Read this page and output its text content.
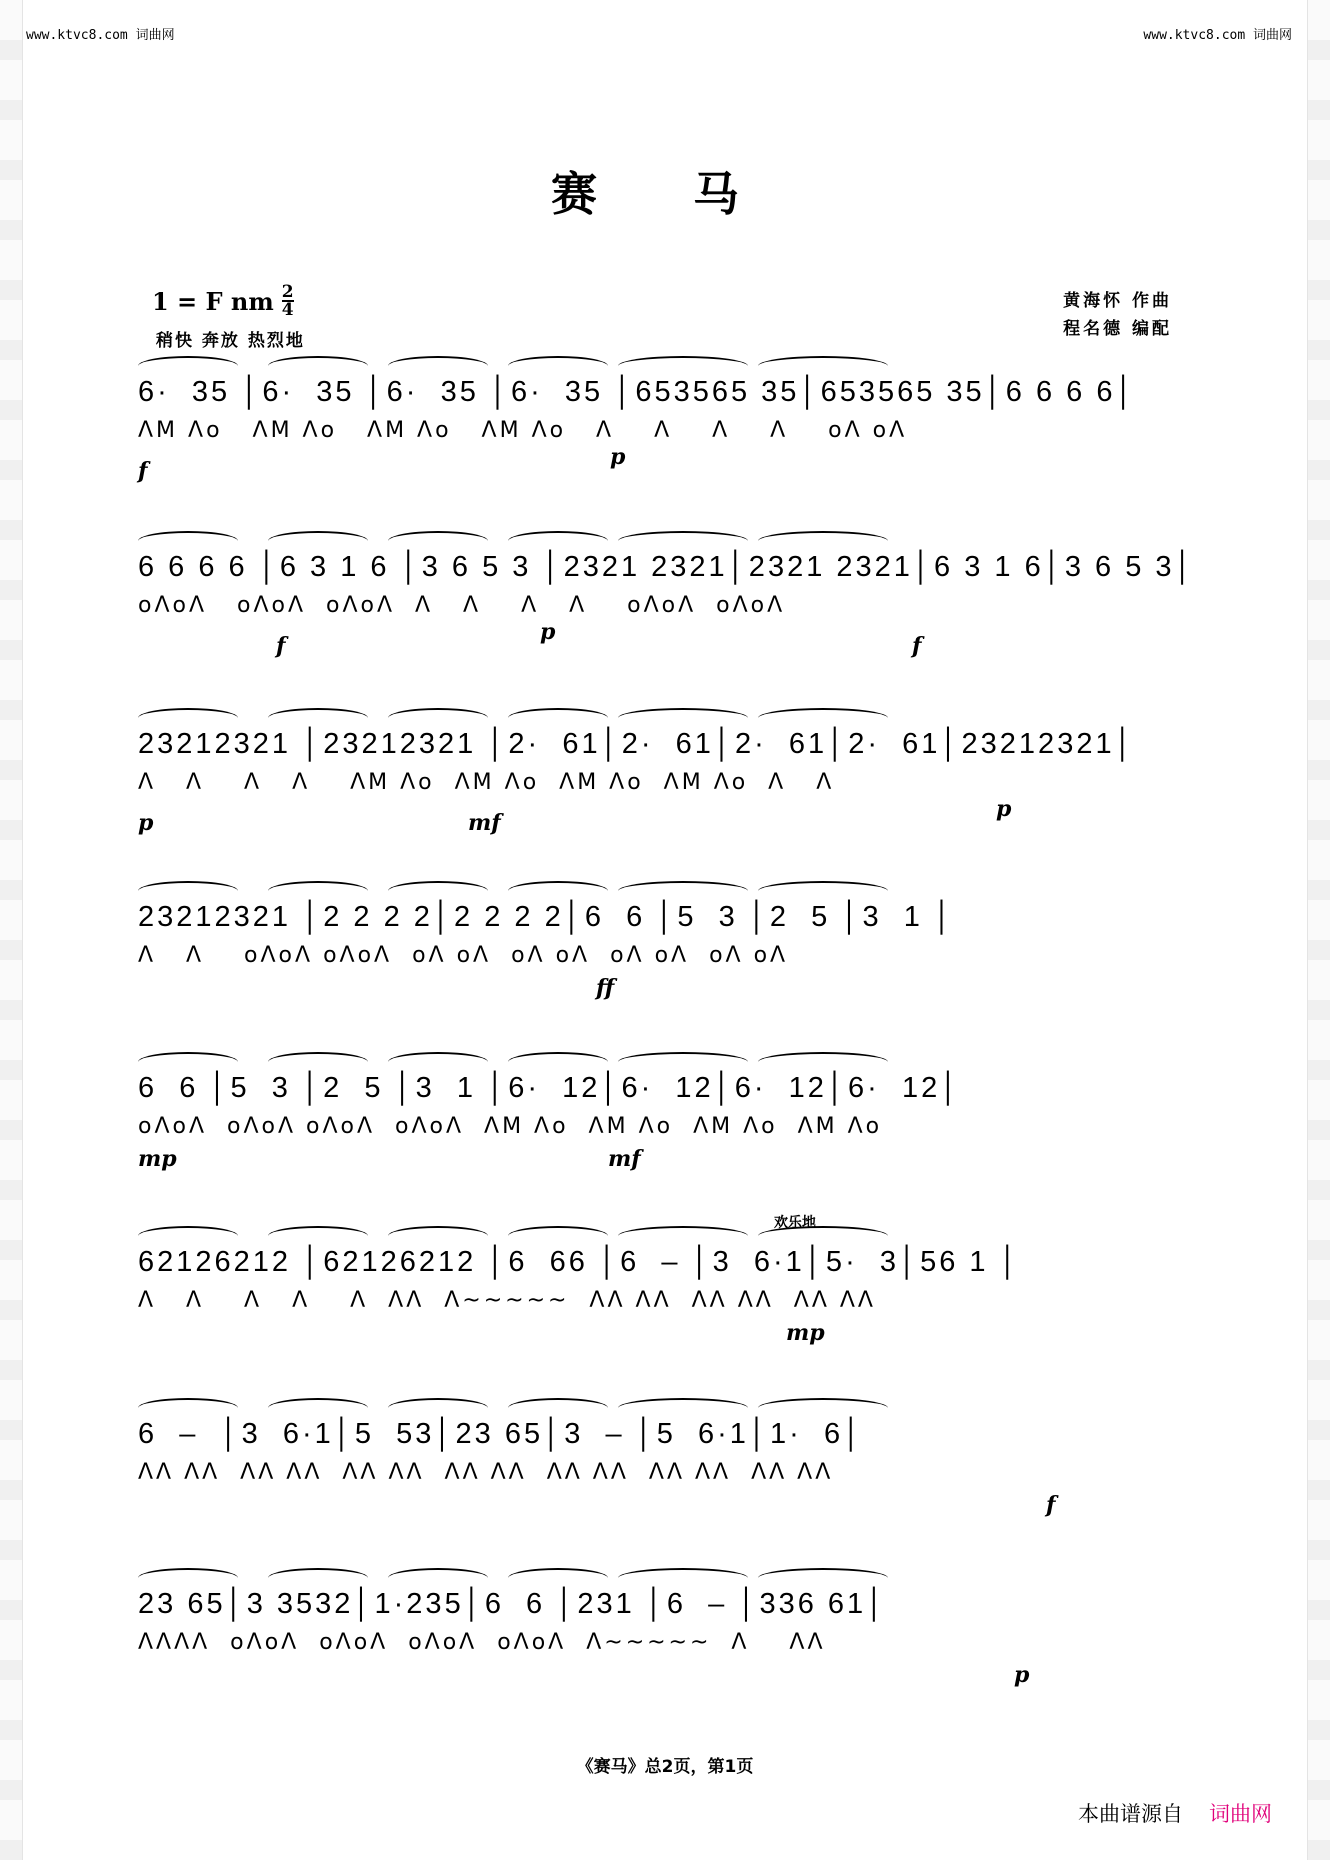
www.ktvc8.com 词曲网	www.ktvc8.com 词曲网
赛 马
1 = F nm $\frac{2}{4}$
稍快 奔放 热烈地
黄海怀 作曲
程名德 编配
6·  35 │6·  35 │6·  35 │6·  35 │653565 35│653565 35│6 6 6 6│
ΛM Λo   ΛM Λo   ΛM Λo   ΛM Λo   Λ    Λ    Λ    Λ    oΛ oΛ
f
p
6 6 6 6 │6 3 1 6 │3 6 5 3 │2321 2321│2321 2321│6 3 1 6│3 6 5 3│
oΛoΛ   oΛoΛ  oΛoΛ  Λ   Λ    Λ   Λ    oΛoΛ  oΛoΛ
f
p
f
23212321 │23212321 │2·  61│2·  61│2·  61│2·  61│23212321│
Λ   Λ    Λ   Λ    ΛM Λo  ΛM Λo  ΛM Λo  ΛM Λo  Λ   Λ
p	mf
p
23212321 │2 2 2 2│2 2 2 2│6  6 │5  3 │2  5 │3  1 │
Λ   Λ    oΛoΛ oΛoΛ  oΛ oΛ  oΛ oΛ  oΛ oΛ  oΛ oΛ
ff
6  6 │5  3 │2  5 │3  1 │6·  12│6·  12│6·  12│6·  12│
oΛoΛ  oΛoΛ oΛoΛ  oΛoΛ  ΛM Λo  ΛM Λo  ΛM Λo  ΛM Λo
mp	mf
62126212 │62126212 │6  66 │6  – │3  6·1│5·  3│56 1 │
Λ   Λ    Λ   Λ    Λ  ΛΛ  Λ~~~~~  ΛΛ ΛΛ  ΛΛ ΛΛ  ΛΛ ΛΛ
欢乐地
mp
6  –  │3  6·1│5  53│23 65│3  – │5  6·1│1·  6│
ΛΛ ΛΛ  ΛΛ ΛΛ  ΛΛ ΛΛ  ΛΛ ΛΛ  ΛΛ ΛΛ  ΛΛ ΛΛ  ΛΛ ΛΛ
f
23 65│3 3532│1·235│6  6 │231 │6  – │336 61│
ΛΛΛΛ  oΛoΛ  oΛoΛ  oΛoΛ  oΛoΛ  Λ~~~~~  Λ    ΛΛ
p
《赛马》总2页，第1页
本曲谱源自 词曲网
